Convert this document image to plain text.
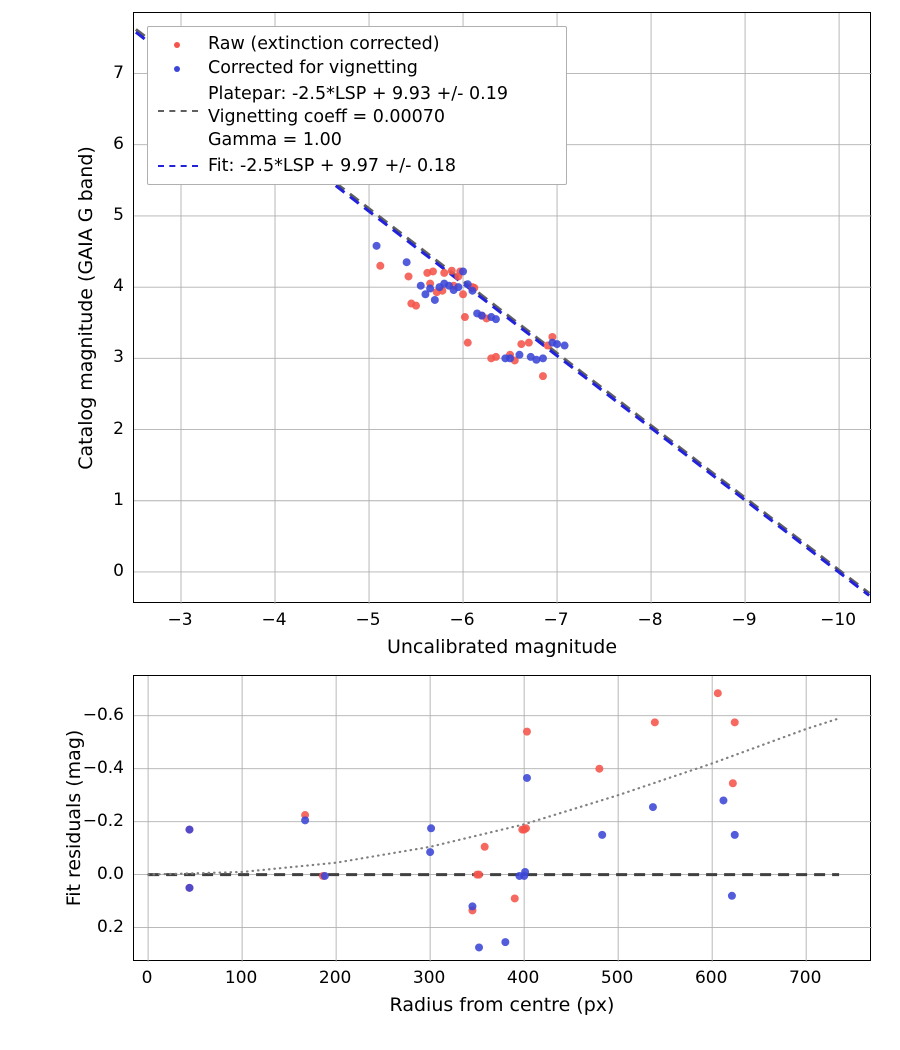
−3	−4	−5	−6	−7	−8	−9	−10
0
1
2
3
4
5
6
7
Uncalibrated magnitude
Catalog magnitude (GAIA G band)
0	100	200	300	400	500	600	700
−0.6
−0.4
−0.2
0.0
0.2
Radius from centre (px)
Fit residuals (mag)
Raw (extinction corrected)
Corrected for vignetting
Platepar: -2.5*LSP + 9.93 +/- 0.19
Vignetting coeff = 0.00070
Gamma = 1.00
Fit: -2.5*LSP + 9.97 +/- 0.18
